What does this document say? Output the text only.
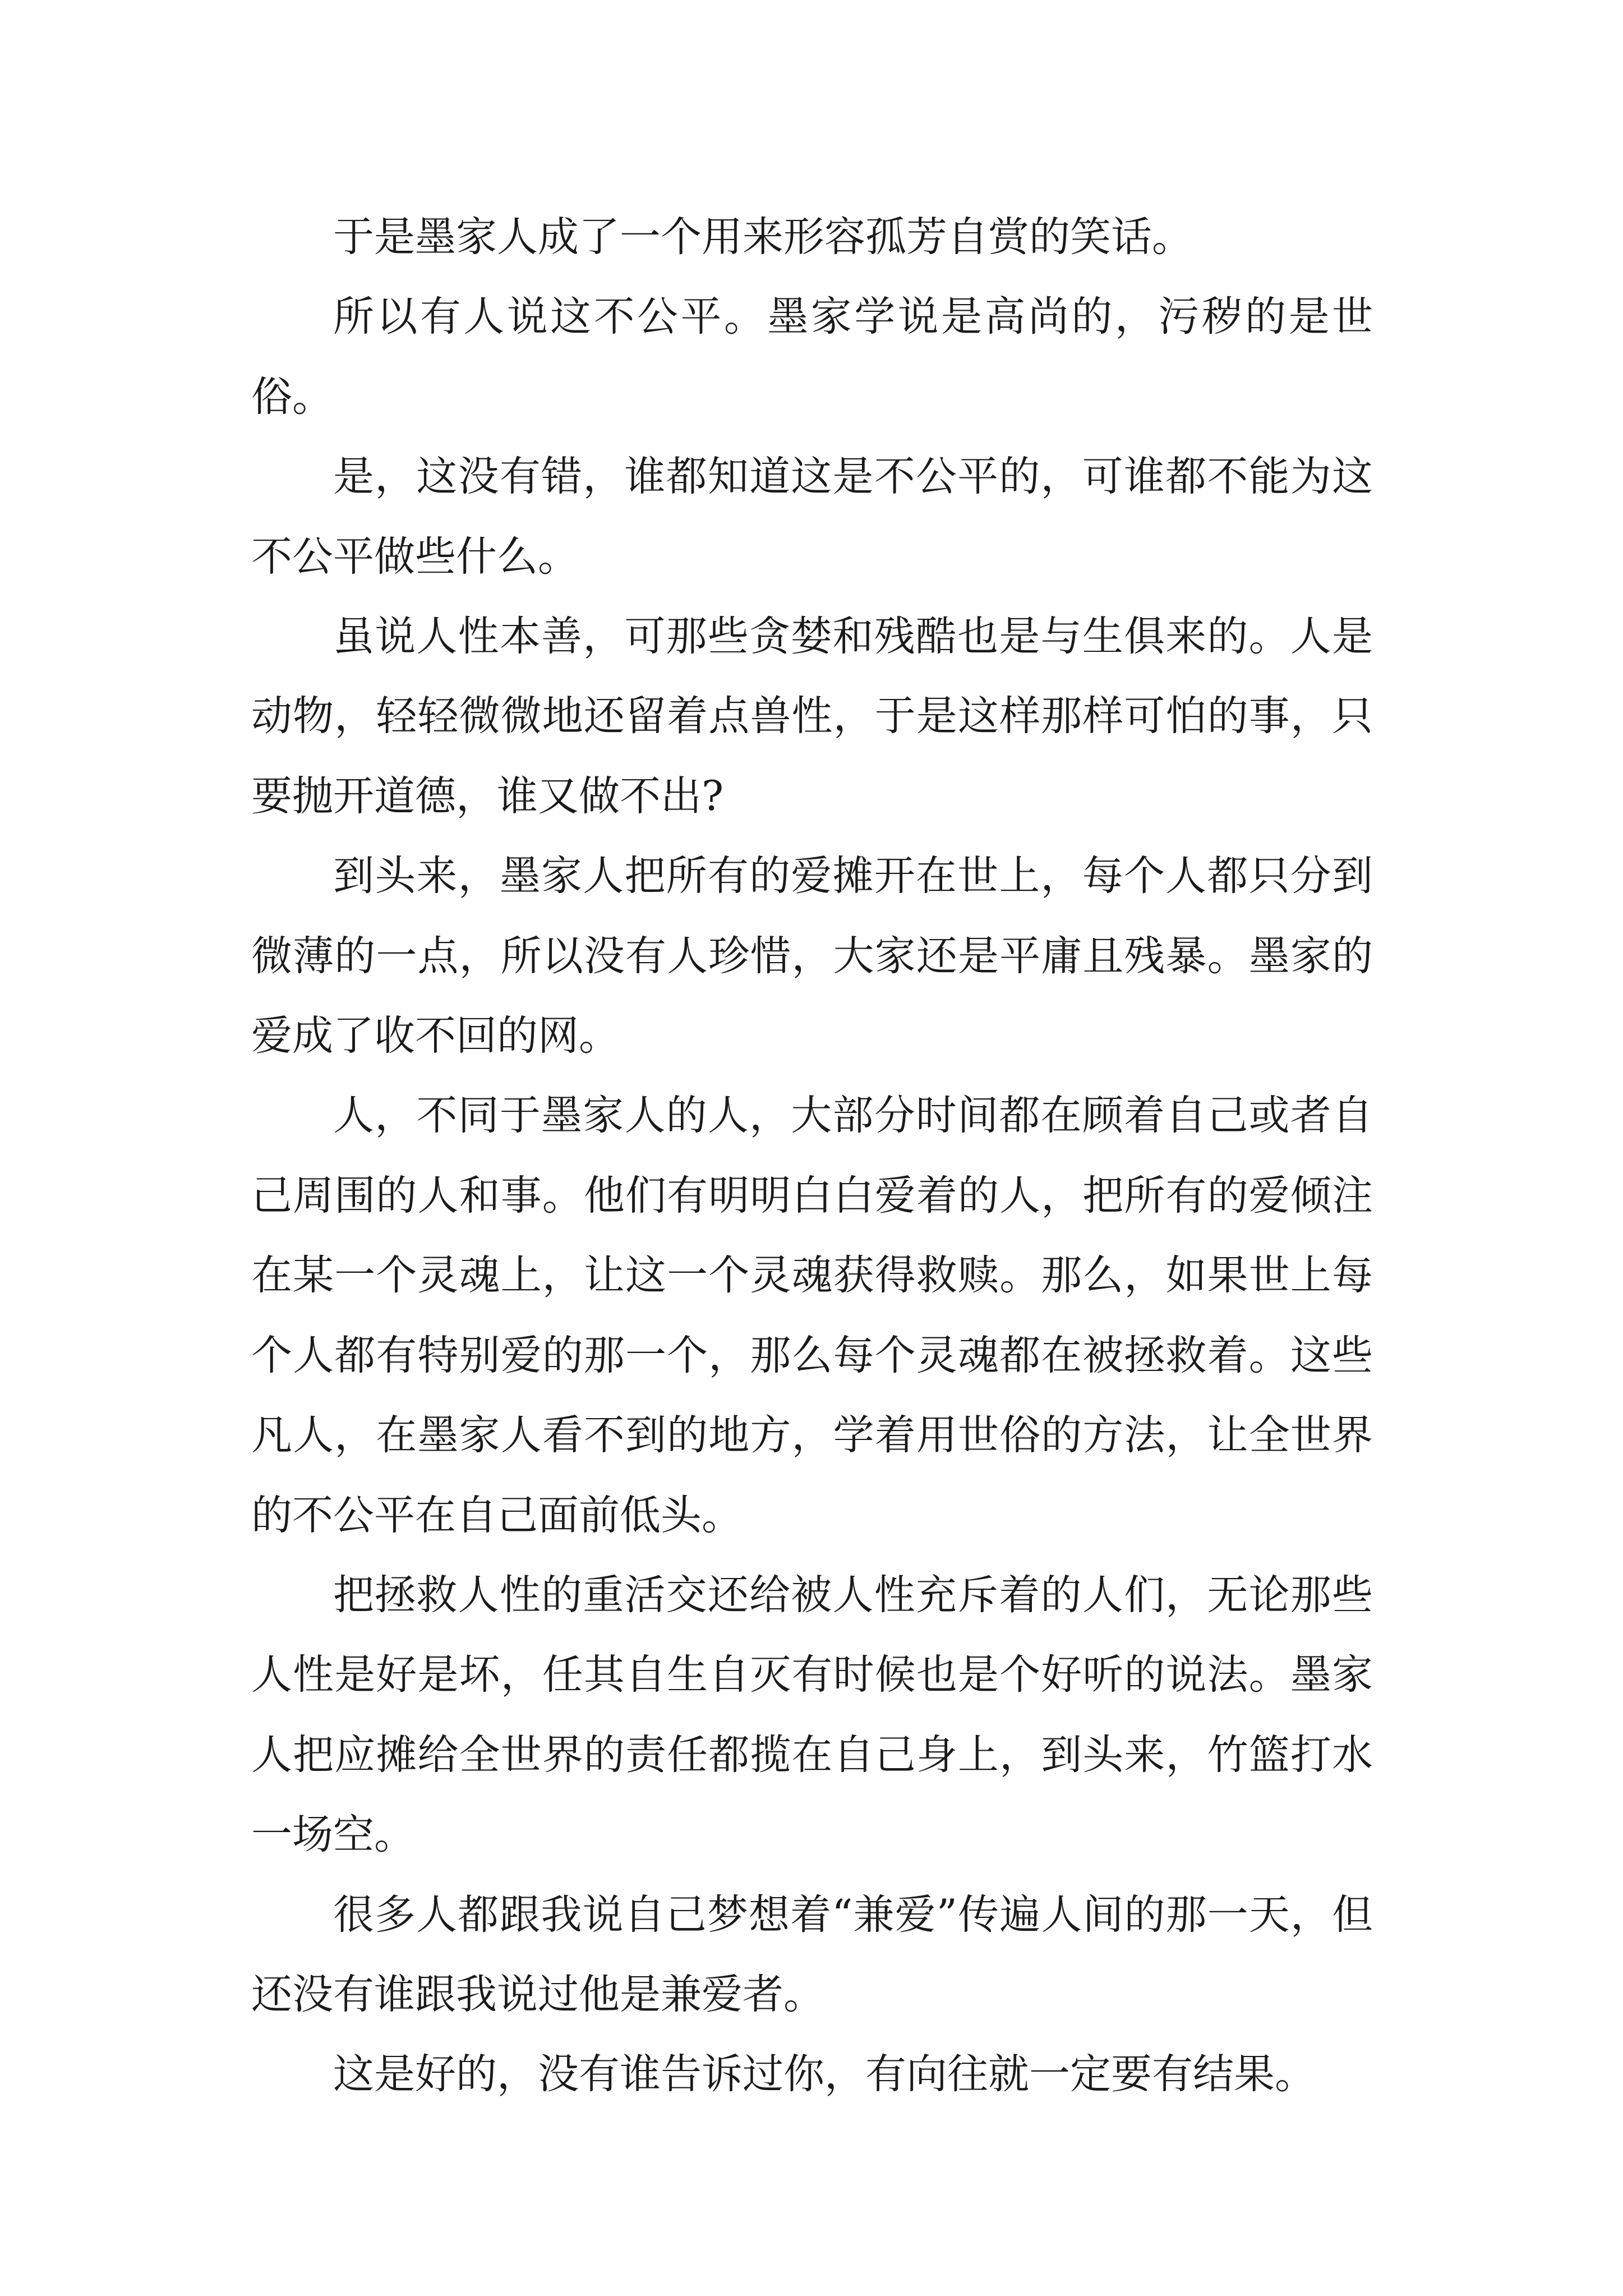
于是墨家人成了一个用来形容孤芳自赏的笑话。

所以有人说这不公平。墨家学说是高尚的，污秽的是世俗。

是，这没有错，谁都知道这是不公平的，可谁都不能为这不公平做些什么。

虽说人性本善，可那些贪婪和残酷也是与生俱来的。人是动物，轻轻微微地还留着点兽性，于是这样那样可怕的事，只要抛开道德，谁又做不出?

到头来，墨家人把所有的爱摊开在世上，每个人都只分到微薄的一点，所以没有人珍惜，大家还是平庸且残暴。墨家的爱成了收不回的网。

人，不同于墨家人的人，大部分时间都在顾着自己或者自己周围的人和事。他们有明明白白爱着的人，把所有的爱倾注在某一个灵魂上，让这一个灵魂获得救赎。那么，如果世上每个人都有特别爱的那一个，那么每个灵魂都在被拯救着。这些凡人，在墨家人看不到的地方，学着用世俗的方法，让全世界的不公平在自己面前低头。

把拯救人性的重活交还给被人性充斥着的人们，无论那些人性是好是坏，任其自生自灭有时候也是个好听的说法。墨家人把应摊给全世界的责任都揽在自己身上，到头来，竹篮打水一场空。

很多人都跟我说自己梦想着“兼爱”传遍人间的那一天，但还没有谁跟我说过他是兼爱者。

这是好的，没有谁告诉过你，有向往就一定要有结果。
